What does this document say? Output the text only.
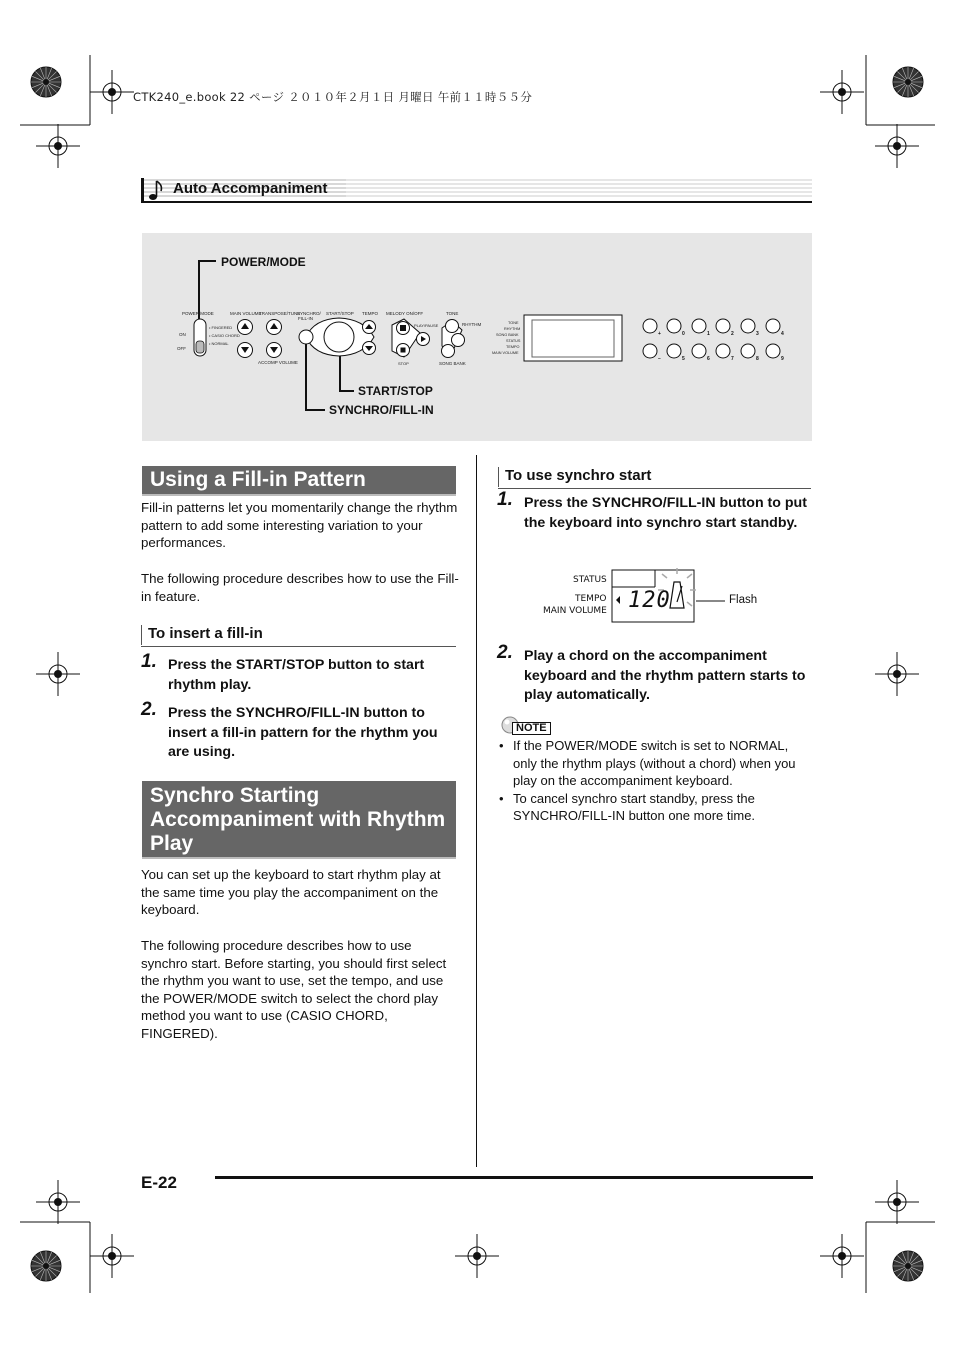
CTK240_e.book 22 ページ ２０１０年２月１日 月曜日 午前１１時５５分
Auto Accompaniment
POWER/MODE
ON
OFF
• FINGERED
• CASIO CHORD
• NORMAL
MAIN VOLUME
TRANSPOSE/TUNE
ACCOMP VOLUME
SYNCHRO/
FILL-IN
START/STOP TEMPO MELODY ON/OFF
PLAY/PAUSE
STOP
TONE
RHYTHM
SONG BANK
TONE
RHYTHM
SONG BANK
STATUS
TEMPO
MAIN VOLUME
+	0	1	2	3	4
−	5	6	7	8	9
POWER/MODE
START/STOP
SYNCHRO/FILL-IN
Using a Fill-in Pattern
Fill-in patterns let you momentarily change the rhythm pattern to add some interesting variation to your performances.
The following procedure describes how to use the Fill-in feature.
To insert a fill-in
1. Press the START/STOP button to start rhythm play.
2. Press the SYNCHRO/FILL-IN button to insert a fill-in pattern for the rhythm you are using.
Synchro Starting Accompaniment with Rhythm Play
You can set up the keyboard to start rhythm play at the same time you play the accompaniment on the keyboard.
The following procedure describes how to use synchro start. Before starting, you should first select the rhythm you want to use, set the tempo, and use the POWER/MODE switch to select the chord play method you want to use (CASIO CHORD, FINGERED).
To use synchro start
1. Press the SYNCHRO/FILL-IN button to put the keyboard into synchro start standby.
STATUS
TEMPO
MAIN VOLUME 120	Flash
2. Play a chord on the accompaniment keyboard and the rhythm pattern starts to play automatically.
NOTE
• If the POWER/MODE switch is set to NORMAL, only the rhythm plays (without a chord) when you play on the accompaniment keyboard.
• To cancel synchro start standby, press the SYNCHRO/FILL-IN button one more time.
E-22
